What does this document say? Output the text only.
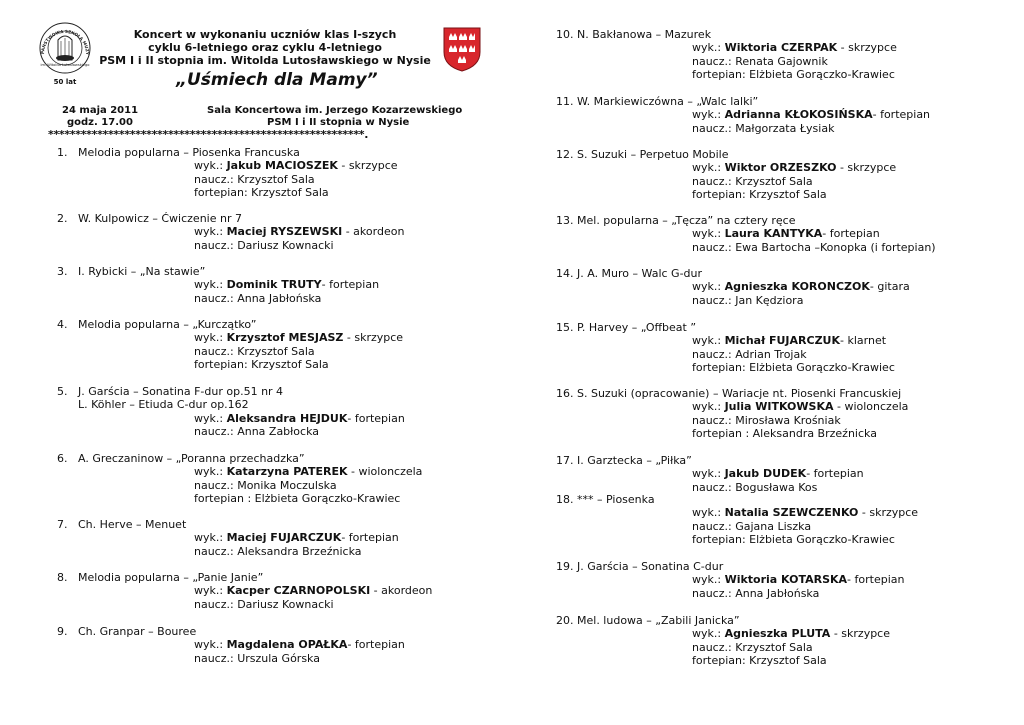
PAŃSTWOWA SZKOŁA MUZY
im. Witolda Lutosławskiego
50 lat
Koncert w wykonaniu uczniów klas I-szych
cyklu 6-letniego oraz cyklu 4-letniego
PSM I i II stopnia im. Witolda Lutosławskiego w Nysie
„Uśmiech dla Mamy”
24 maja 2011
godz. 17.00
Sala Koncertowa im. Jerzego Kozarzewskiego
PSM I i II stopnia w Nysie
**********************************************************.
1. Melodia popularna – Piosenka Francuska
wyk.: Jakub MACIOSZEK - skrzypce
naucz.: Krzysztof Sala
fortepian: Krzysztof Sala
2. W. Kulpowicz – Ćwiczenie nr 7
wyk.: Maciej RYSZEWSKI - akordeon
naucz.: Dariusz Kownacki
3. I. Rybicki – „Na stawie”
wyk.: Dominik TRUTY- fortepian
naucz.: Anna Jabłońska
4. Melodia popularna – „Kurczątko”
wyk.: Krzysztof MESJASZ - skrzypce
naucz.: Krzysztof Sala
fortepian: Krzysztof Sala
5. J. Garścia – Sonatina F-dur op.51 nr 4
L. Köhler – Etiuda C-dur op.162
wyk.: Aleksandra HEJDUK- fortepian
naucz.: Anna Zabłocka
6. A. Greczaninow – „Poranna przechadzka”
wyk.: Katarzyna PATEREK - wiolonczela
naucz.: Monika Moczulska
fortepian : Elżbieta Gorączko-Krawiec
7. Ch. Herve – Menuet
wyk.: Maciej FUJARCZUK- fortepian
naucz.: Aleksandra Brzeźnicka
8. Melodia popularna – „Panie Janie”
wyk.: Kacper CZARNOPOLSKI - akordeon
naucz.: Dariusz Kownacki
9. Ch. Granpar – Bouree
wyk.: Magdalena OPAŁKA- fortepian
naucz.: Urszula Górska
10. N. Bakłanowa – Mazurek
wyk.: Wiktoria CZERPAK - skrzypce
naucz.: Renata Gajownik
fortepian: Elżbieta Gorączko-Krawiec
11. W. Markiewiczówna – „Walc lalki”
wyk.: Adrianna KŁOKOSIŃSKA- fortepian
naucz.: Małgorzata Łysiak
12. S. Suzuki – Perpetuo Mobile
wyk.: Wiktor ORZESZKO - skrzypce
naucz.: Krzysztof Sala
fortepian: Krzysztof Sala
13. Mel. popularna – „Tęcza” na cztery ręce
wyk.: Laura KANTYKA- fortepian
naucz.: Ewa Bartocha –Konopka (i fortepian)
14. J. A. Muro – Walc G-dur
wyk.: Agnieszka KORONCZOK- gitara
naucz.: Jan Kędziora
15. P. Harvey – „Offbeat ”
wyk.: Michał FUJARCZUK- klarnet
naucz.: Adrian Trojak
fortepian: Elżbieta Gorączko-Krawiec
16. S. Suzuki (opracowanie) – Wariacje nt. Piosenki Francuskiej
wyk.: Julia WITKOWSKA - wiolonczela
naucz.: Mirosława Krośniak
fortepian : Aleksandra Brzeźnicka
17. I. Garztecka – „Piłka”
wyk.: Jakub DUDEK- fortepian
naucz.: Bogusława Kos
18. *** – Piosenka
wyk.: Natalia SZEWCZENKO - skrzypce
naucz.: Gajana Liszka
fortepian: Elżbieta Gorączko-Krawiec
19. J. Garścia – Sonatina C-dur
wyk.: Wiktoria KOTARSKA- fortepian
naucz.: Anna Jabłońska
20. Mel. ludowa – „Zabili Janicka”
wyk.: Agnieszka PLUTA - skrzypce
naucz.: Krzysztof Sala
fortepian: Krzysztof Sala
